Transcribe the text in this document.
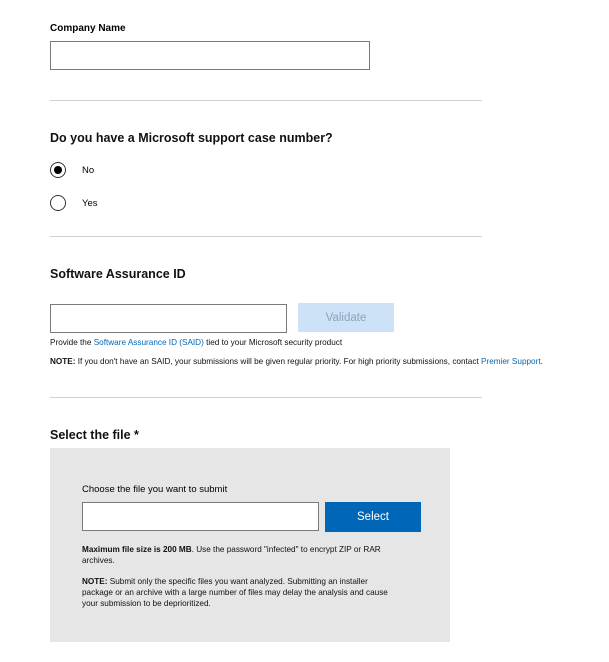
Company Name
Do you have a Microsoft support case number?
No
Yes
Software Assurance ID
Validate
Provide the Software Assurance ID (SAID) tied to your Microsoft security product
NOTE: If you don't have an SAID, your submissions will be given regular priority. For high priority submissions, contact Premier Support.
Select the file *
Choose the file you want to submit
Select
Maximum file size is 200 MB. Use the password "infected" to encrypt ZIP or RAR archives.
NOTE: Submit only the specific files you want analyzed. Submitting an installer package or an archive with a large number of files may delay the analysis and cause your submission to be deprioritized.
